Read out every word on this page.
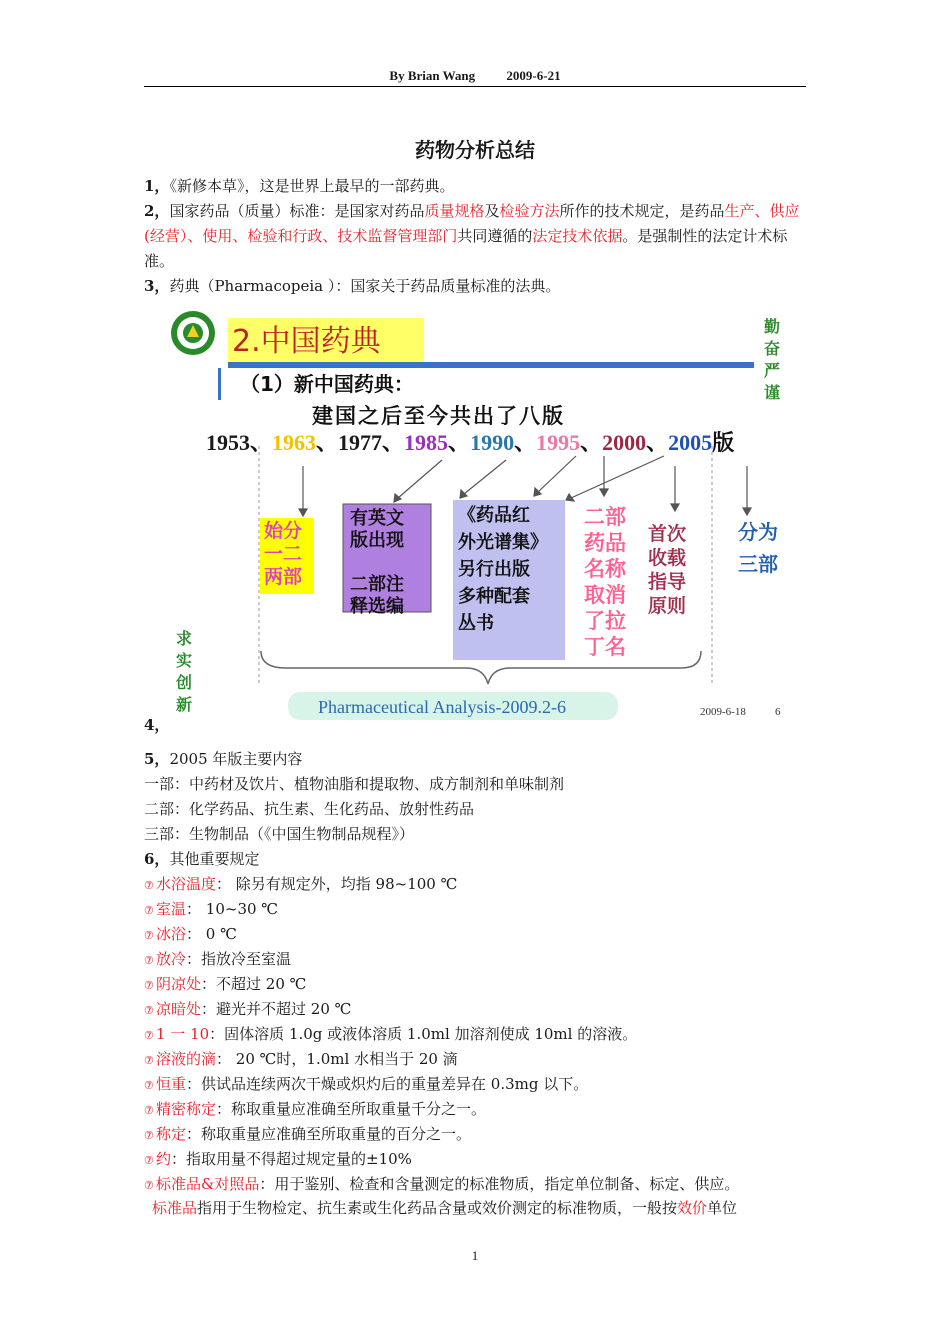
By Brian Wang 2009-6-21
药物分析总结
1，《新修本草》，这是世界上最早的一部药典。
2，国家药品（质量）标准：是国家对药品质量规格及检验方法所作的技术规定，是药品生产、供应(经营）、使用、检验和行政、技术监督管理部门共同遵循的法定技术依据。是强制性的法定计术标准。
3，药典（Pharmacopeia ）：国家关于药品质量标准的法典。
2.中国药典
（1）新中国药典：
建国之后至今共出了八版
1953、1963、1977、1985、1990、1995、2000、2005版
始分
一二
两部
有英文
版出现

二部注
释选编
《药品红
外光谱集》
另行出版
多种配套
丛书
二部
药品
名称
取消
了拉
丁名
首次
收载
指导
原则
分为
三部
勤
奋
严
谨
求
实
创
新	Pharmaceutical Analysis-2009.2-6	2009-6-18	6
4，
5，2005 年版主要内容
一部：中药材及饮片、植物油脂和提取物、成方制剂和单味制剂
二部：化学药品、抗生素、生化药品、放射性药品
三部：生物制品（《中国生物制品规程》）
6，其他重要规定
⑦ 水浴温度： 除另有规定外，均指 98~100 ℃
⑦ 室温： 10~30 ℃
⑦ 冰浴： 0 ℃
⑦ 放冷：指放冷至室温
⑦ 阴凉处：不超过 20 ℃
⑦ 凉暗处：避光并不超过 20 ℃
⑦ 1 一 10：固体溶质 1.0g 或液体溶质 1.0ml 加溶剂使成 10ml 的溶液。
⑦ 溶液的滴： 20 ℃时，1.0ml 水相当于 20 滴
⑦ 恒重：供试品连续两次干燥或炽灼后的重量差异在 0.3mg 以下。
⑦ 精密称定：称取重量应准确至所取重量千分之一。
⑦ 称定：称取重量应准确至所取重量的百分之一。
⑦ 约：指取用量不得超过规定量的±10%
⑦ 标准品&对照品：用于鉴别、检查和含量测定的标准物质，指定单位制备、标定、供应。
标准品指用于生物检定、抗生素或生化药品含量或效价测定的标准物质，一般按效价单位
1
